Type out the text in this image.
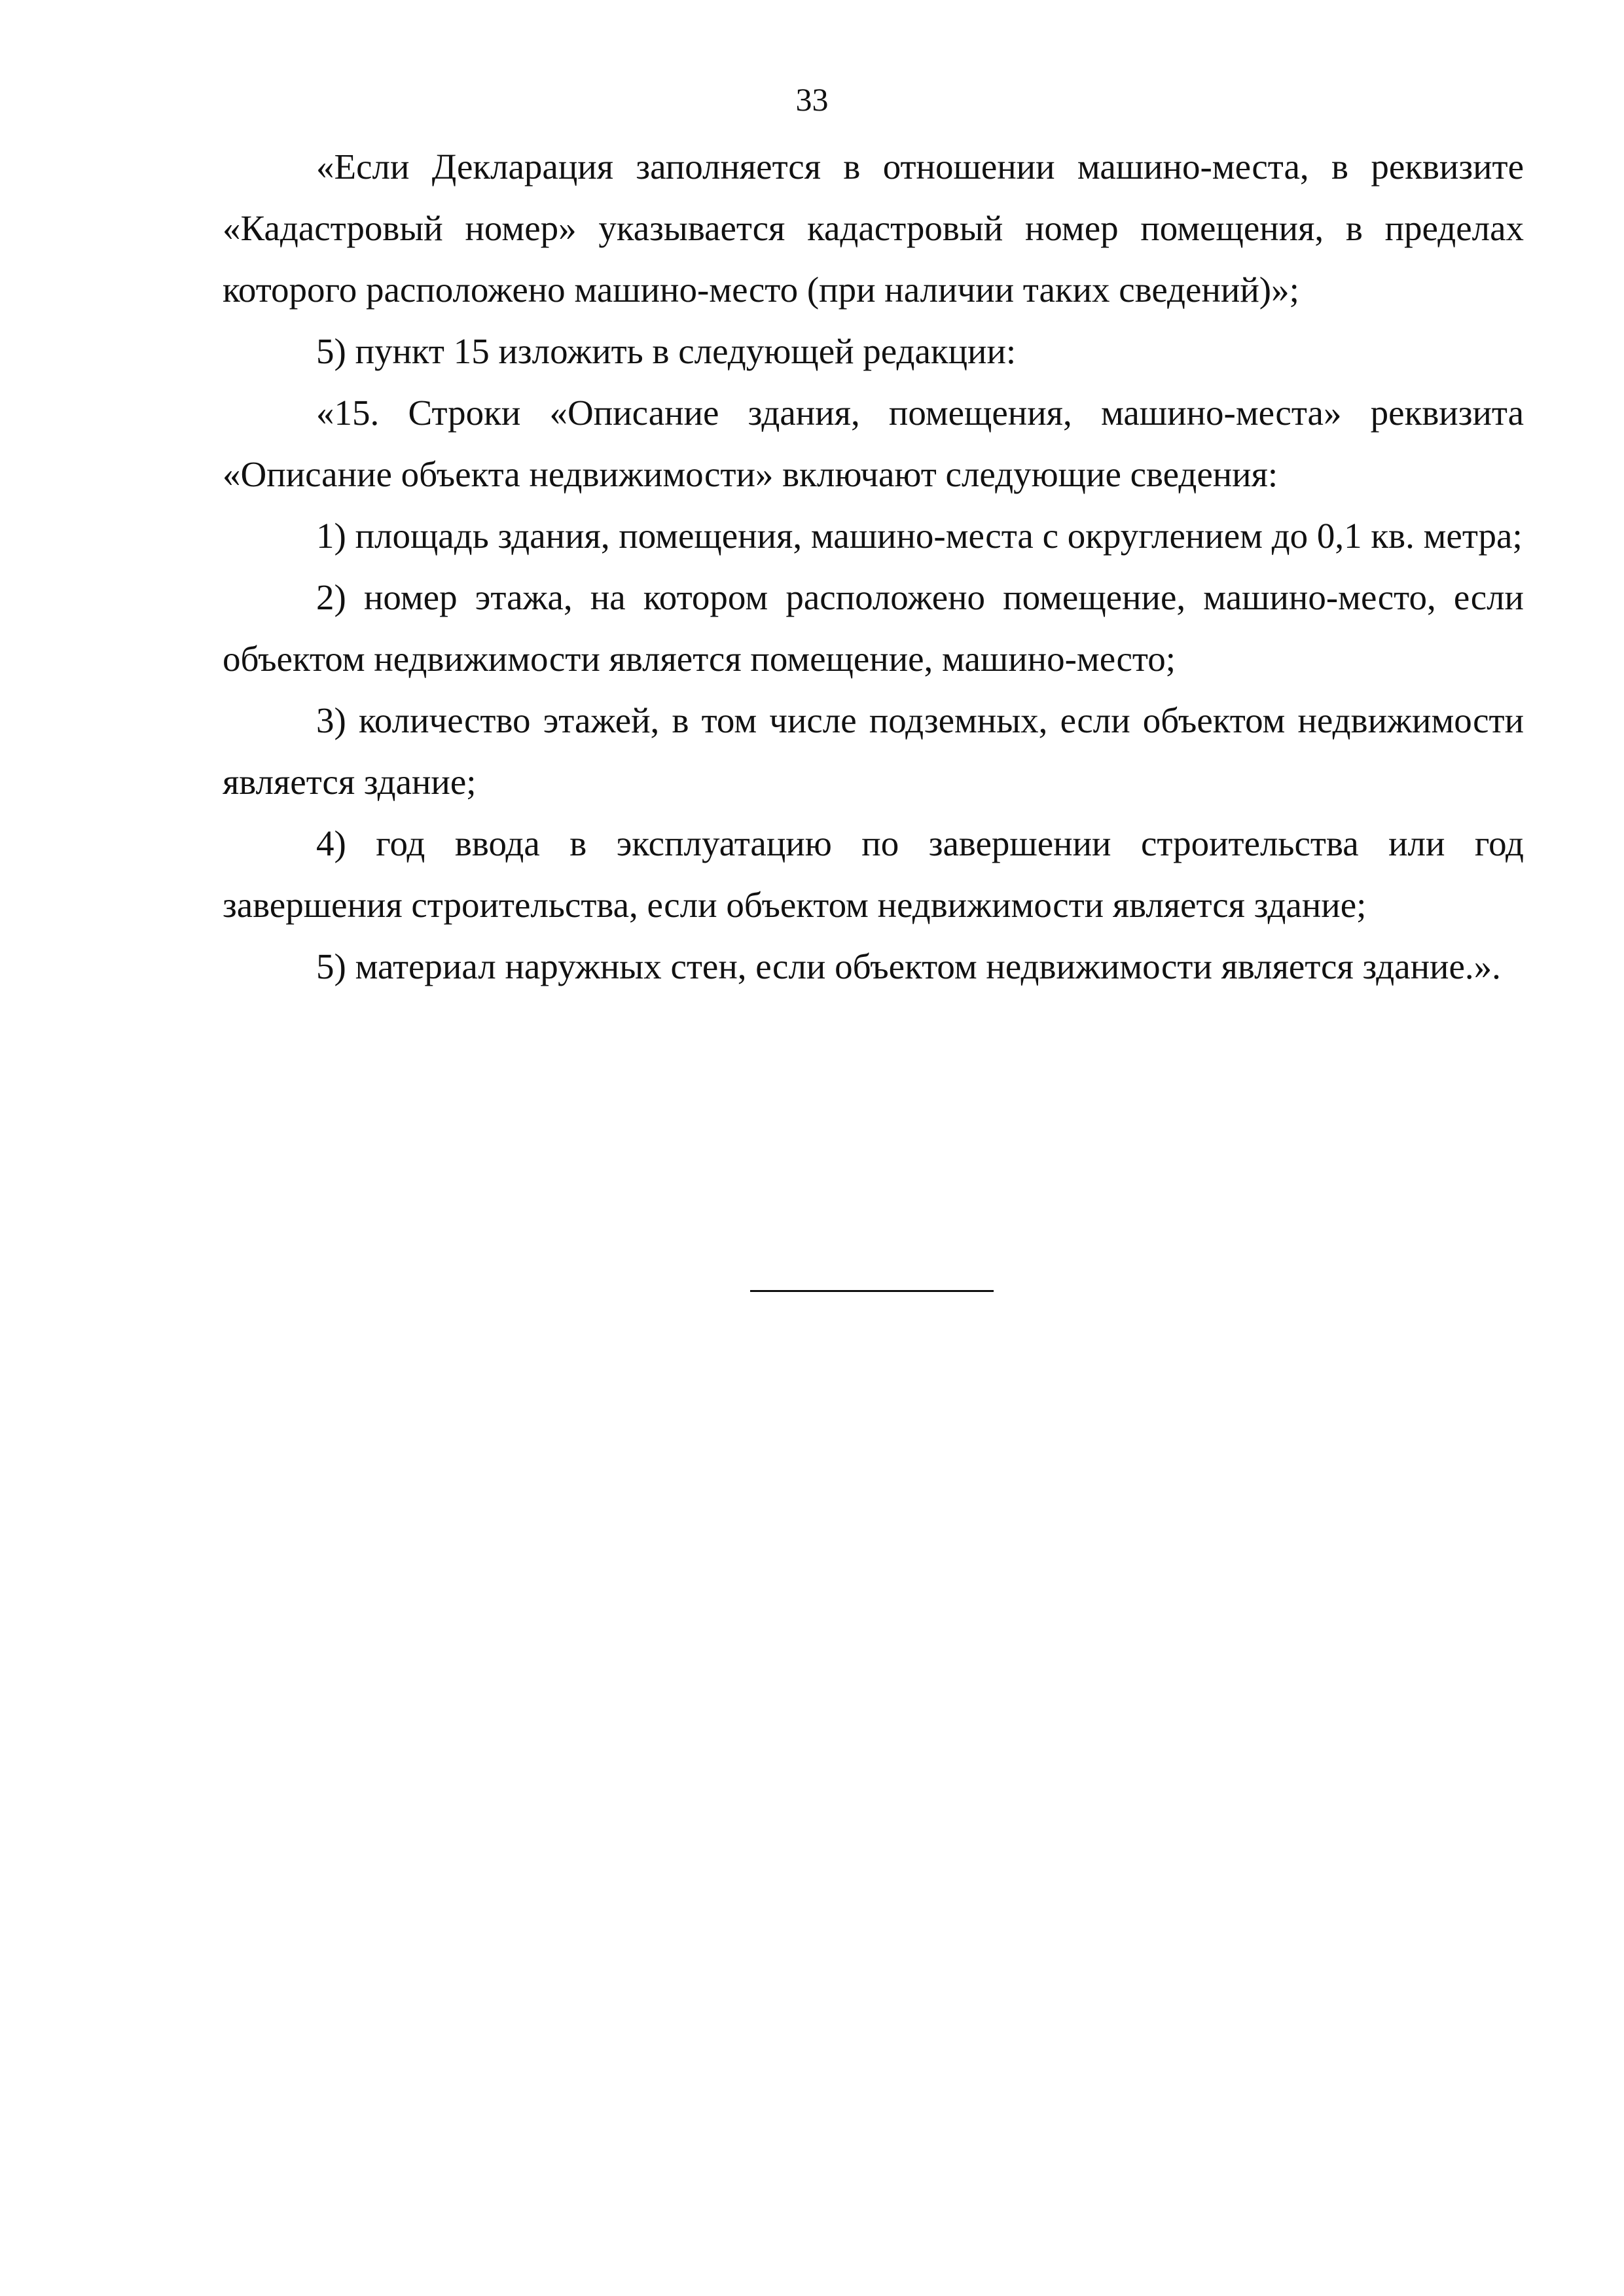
33

«Если Декларация заполняется в отношении машино-места, в реквизите «Кадастровый номер» указывается кадастровый номер помещения, в пределах которого расположено машино-место (при наличии таких сведений)»;

5) пункт 15 изложить в следующей редакции:

«15. Строки «Описание здания, помещения, машино-места» реквизита «Описание объекта недвижимости» включают следующие сведения:

1) площадь здания, помещения, машино-места с округлением до 0,1 кв. метра;

2) номер этажа, на котором расположено помещение, машино-место, если объектом недвижимости является помещение, машино-место;

3) количество этажей, в том числе подземных, если объектом недвижимости является здание;

4) год ввода в эксплуатацию по завершении строительства или год завершения строительства, если объектом недвижимости является здание;

5) материал наружных стен, если объектом недвижимости является здание.».
